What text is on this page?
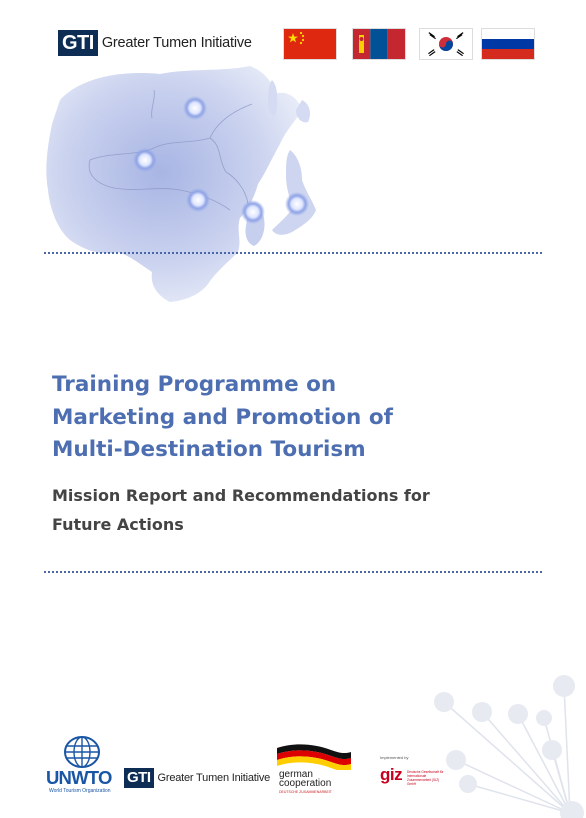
GTI Greater Tumen Initiative
Training Programme on
Marketing and Promotion of
Multi-Destination Tourism
Mission Report and Recommendations for
Future Actions
UNWTO
World Tourism Organization
GTI Greater Tumen Initiative german
cooperation
DEUTSCHE ZUSAMMENARBEIT
Implemented by
giz Deutsche Gesellschaft für Internationale Zusammenarbeit (GIZ) GmbH
